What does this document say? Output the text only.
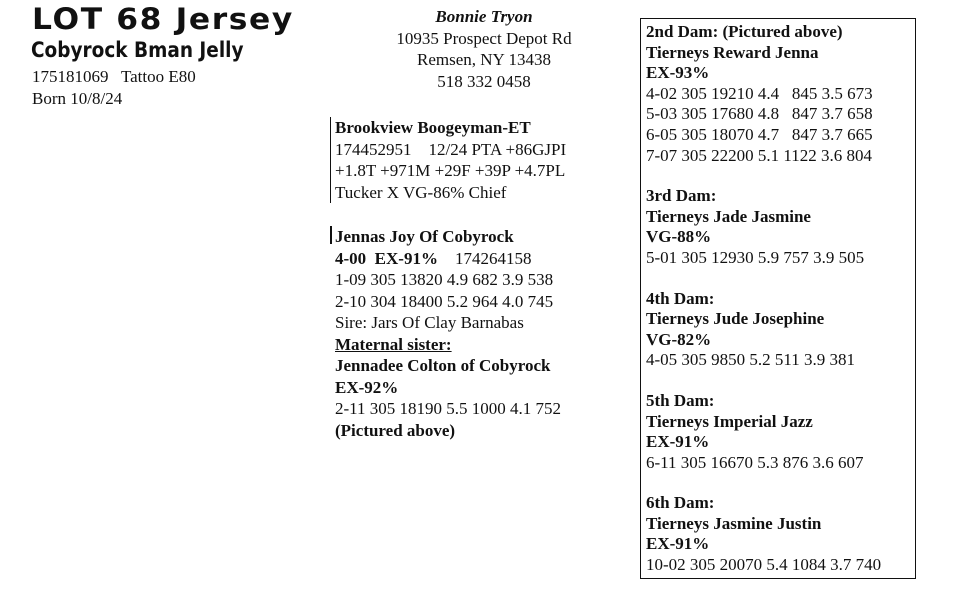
LOT 68 Jersey
Cobyrock Bman Jelly
175181069   Tattoo E80
Born 10/8/24
Bonnie Tryon
10935 Prospect Depot Rd
Remsen, NY 13438
518 332 0458
Brookview Boogeyman-ET
174452951    12/24 PTA +86GJPI
+1.8T +971M +29F +39P +4.7PL
Tucker X VG-86% Chief
Jennas Joy Of Cobyrock
4-00  EX-91% 174264158
1-09 305 13820 4.9 682 3.9 538
2-10 304 18400 5.2 964 4.0 745
Sire: Jars Of Clay Barnabas
Maternal sister:
Jennadee Colton of Cobyrock
EX-92%
2-11 305 18190 5.5 1000 4.1 752
(Pictured above)
2nd Dam: (Pictured above)
Tierneys Reward Jenna
EX-93%
4-02 305 19210 4.4   845 3.5 673
5-03 305 17680 4.8   847 3.7 658
6-05 305 18070 4.7   847 3.7 665
7-07 305 22200 5.1 1122 3.6 804
3rd Dam:
Tierneys Jade Jasmine
VG-88%
5-01 305 12930 5.9 757 3.9 505
4th Dam:
Tierneys Jude Josephine
VG-82%
4-05 305 9850 5.2 511 3.9 381
5th Dam:
Tierneys Imperial Jazz
EX-91%
6-11 305 16670 5.3 876 3.6 607
6th Dam:
Tierneys Jasmine Justin
EX-91%
10-02 305 20070 5.4 1084 3.7 740
